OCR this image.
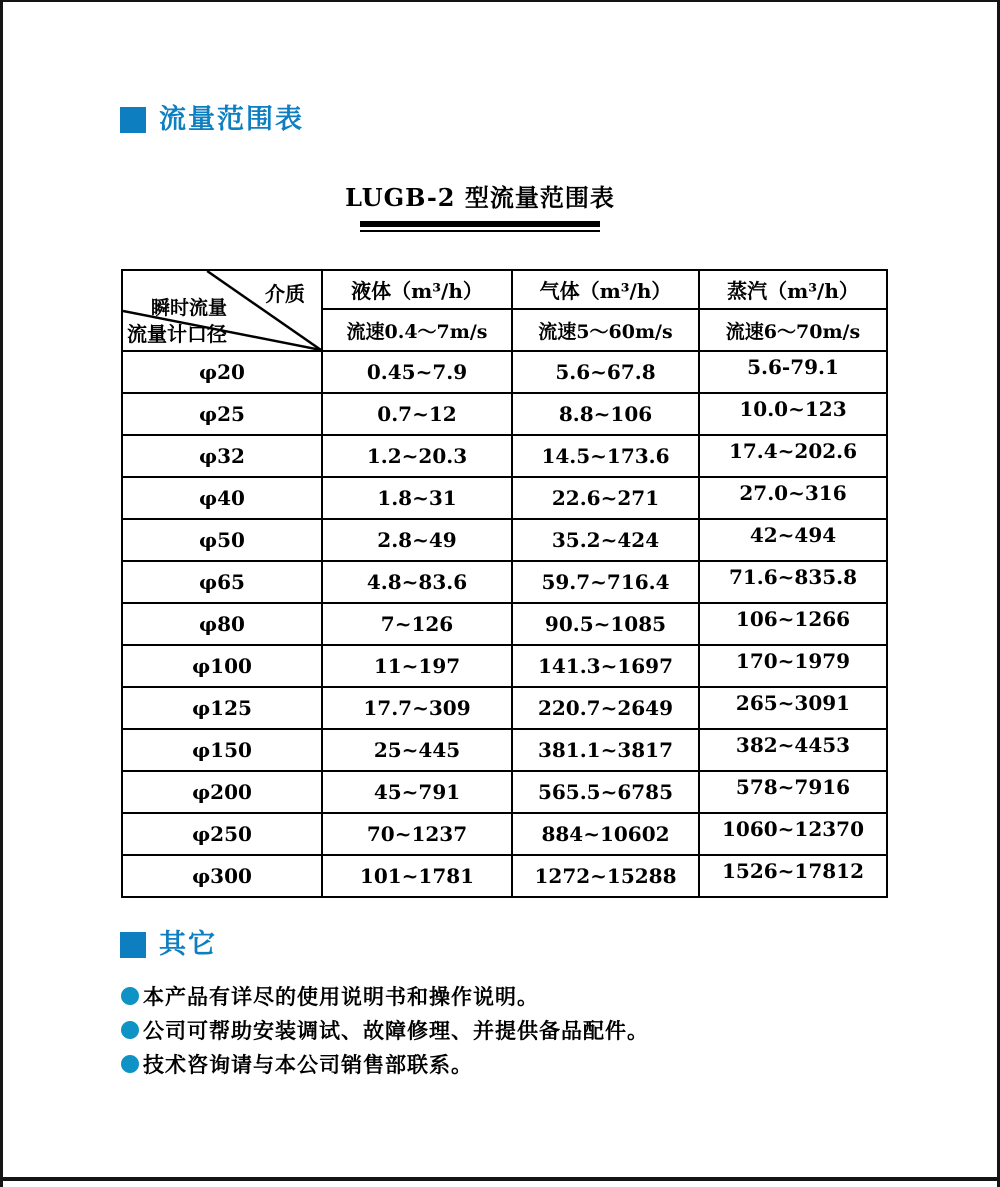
流量范围表
LUGB-2 型流量范围表
介质
瞬时流量
流量计口径	液体（m³/h）	气体（m³/h）	蒸汽（m³/h）
	流速0.4～7m/s	流速5～60m/s	流速6～70m/s
φ20	0.45~7.9	5.6~67.8	5.6-79.1
φ25	0.7~12	8.8~106	10.0~123
φ32	1.2~20.3	14.5~173.6	17.4~202.6
φ40	1.8~31	22.6~271	27.0~316
φ50	2.8~49	35.2~424	42~494
φ65	4.8~83.6	59.7~716.4	71.6~835.8
φ80	7~126	90.5~1085	106~1266
φ100	11~197	141.3~1697	170~1979
φ125	17.7~309	220.7~2649	265~3091
φ150	25~445	381.1~3817	382~4453
φ200	45~791	565.5~6785	578~7916
φ250	70~1237	884~10602	1060~12370
φ300	101~1781	1272~15288	1526~17812
其它
本产品有详尽的使用说明书和操作说明。
公司可帮助安装调试、故障修理、并提供备品配件。
技术咨询请与本公司销售部联系。
